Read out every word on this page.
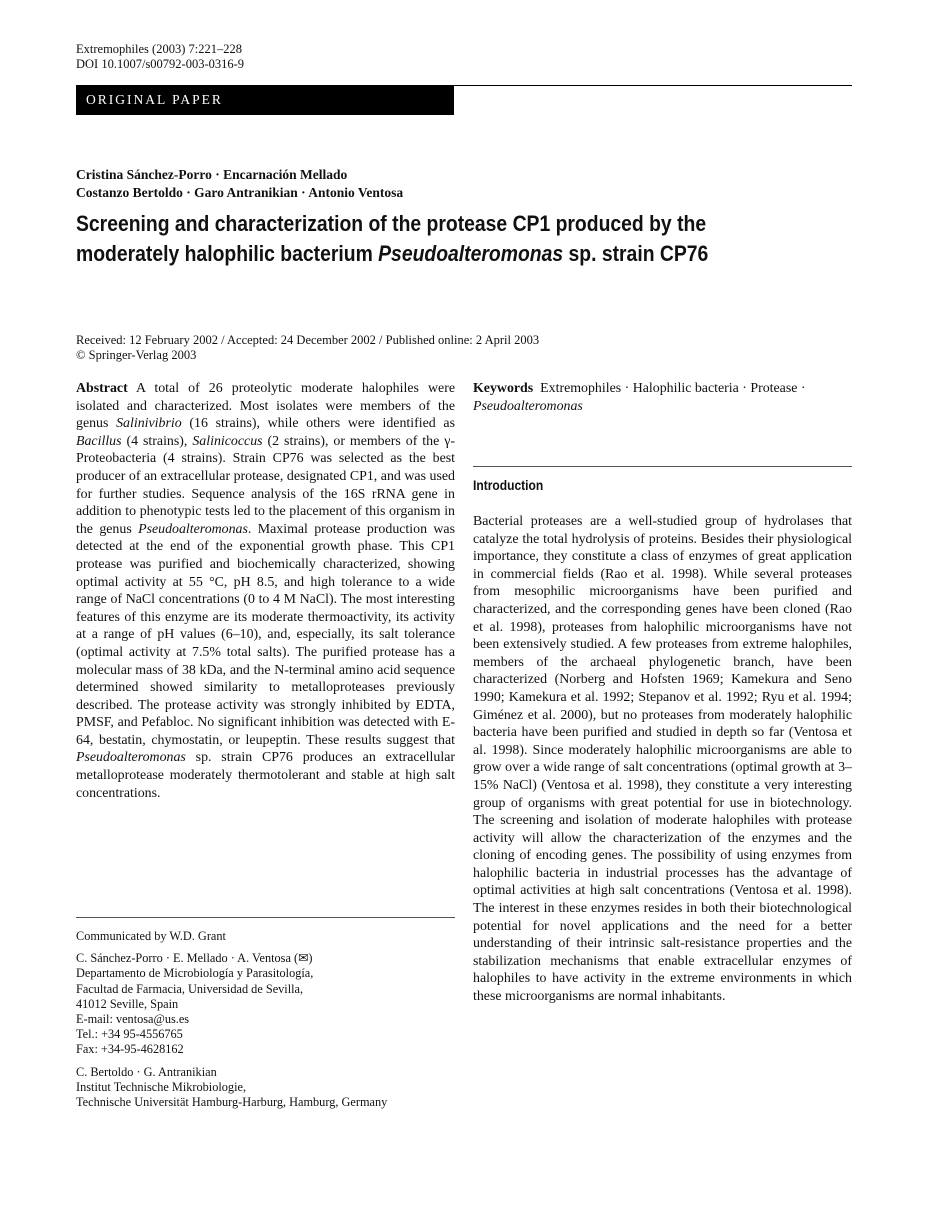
Extremophiles (2003) 7:221–228
DOI 10.1007/s00792-003-0316-9
ORIGINAL PAPER
Cristina Sánchez-Porro · Encarnación Mellado
Costanzo Bertoldo · Garo Antranikian · Antonio Ventosa
Screening and characterization of the protease CP1 produced by the
moderately halophilic bacterium Pseudoalteromonas sp. strain CP76
Received: 12 February 2002 / Accepted: 24 December 2002 / Published online: 2 April 2003
© Springer-Verlag 2003

Abstract A total of 26 proteolytic moderate halophiles were isolated and characterized. Most isolates were members of the genus Salinivibrio (16 strains), while others were identified as Bacillus (4 strains), Salinicoccus (2 strains), or members of the γ-Proteobacteria (4 strains). Strain CP76 was selected as the best producer of an extracellular protease, designated CP1, and was used for further studies. Sequence analysis of the 16S rRNA gene in addition to phenotypic tests led to the placement of this organism in the genus Pseudoalteromonas. Maximal protease production was detected at the end of the exponential growth phase. This CP1 protease was purified and biochemically characterized, showing optimal activity at 55 °C, pH 8.5, and high tolerance to a wide range of NaCl concentrations (0 to 4 M NaCl). The most interesting features of this enzyme are its moderate thermoactivity, its activity at a range of pH values (6–10), and, especially, its salt tolerance (optimal activity at 7.5% total salts). The purified protease has a molecular mass of 38 kDa, and the N-terminal amino acid sequence determined showed similarity to metalloproteases previously described. The protease activity was strongly inhibited by EDTA, PMSF, and Pefabloc. No significant inhibition was detected with E-64, bestatin, chymostatin, or leupeptin. These results suggest that Pseudoalteromonas sp. strain CP76 produces an extracellular metalloprotease moderately thermotolerant and stable at high salt concentrations.

Communicated by W.D. Grant

C. Sánchez-Porro · E. Mellado · A. Ventosa (✉)
Departamento de Microbiología y Parasitología,
Facultad de Farmacia, Universidad de Sevilla,
41012 Seville, Spain
E-mail: ventosa@us.es
Tel.: +34 95-4556765
Fax: +34-95-4628162

C. Bertoldo · G. Antranikian
Institut Technische Mikrobiologie,
Technische Universität Hamburg-Harburg, Hamburg, Germany

Keywords  Extremophiles · Halophilic bacteria · Protease · Pseudoalteromonas
Introduction

Bacterial proteases are a well-studied group of hydrolases that catalyze the total hydrolysis of proteins. Besides their physiological importance, they constitute a class of enzymes of great application in commercial fields (Rao et al. 1998). While several proteases from mesophilic microorganisms have been purified and characterized, and the corresponding genes have been cloned (Rao et al. 1998), proteases from halophilic microorganisms have not been extensively studied. A few proteases from extreme halophiles, members of the archaeal phylogenetic branch, have been characterized (Norberg and Hofsten 1969; Kamekura and Seno 1990; Kamekura et al. 1992; Stepanov et al. 1992; Ryu et al. 1994; Giménez et al. 2000), but no proteases from moderately halophilic bacteria have been purified and studied in depth so far (Ventosa et al. 1998). Since moderately halophilic microorganisms are able to grow over a wide range of salt concentrations (optimal growth at 3–15% NaCl) (Ventosa et al. 1998), they constitute a very interesting group of organisms with great potential for use in biotechnology. The screening and isolation of moderate halophiles with protease activity will allow the characterization of the enzymes and the cloning of encoding genes. The possibility of using enzymes from halophilic bacteria in industrial processes has the advantage of optimal activities at high salt concentrations (Ventosa et al. 1998). The interest in these enzymes resides in both their biotechnological potential for novel applications and the need for a better understanding of their intrinsic salt-resistance properties and the stabilization mechanisms that enable extracellular enzymes of halophiles to have activity in the extreme environments in which these microorganisms are normal inhabitants.
